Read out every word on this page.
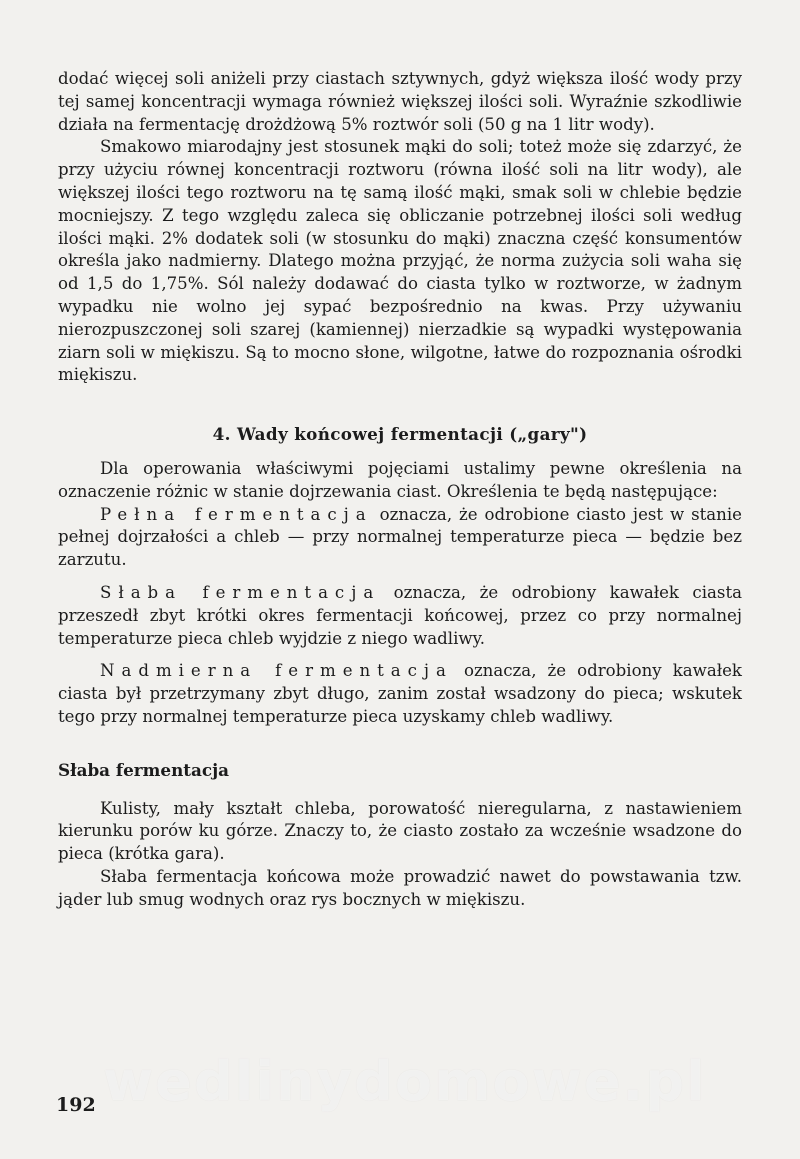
wedlinydomowe.pl

dodać więcej soli aniżeli przy ciastach sztywnych, gdyż większa ilość wody przy tej samej koncentracji wymaga również większej ilości soli. Wyraźnie szkodliwie działa na fermentację drożdżową 5% roztwór soli (50 g na 1 litr wody).

Smakowo miarodajny jest stosunek mąki do soli; toteż może się zdarzyć, że przy użyciu równej koncentracji roztworu (równa ilość soli na litr wody), ale większej ilości tego roztworu na tę samą ilość mąki, smak soli w chlebie będzie mocniejszy. Z tego względu zaleca się obliczanie potrzebnej ilości soli według ilości mąki. 2% dodatek soli (w stosunku do mąki) znaczna część konsumentów określa jako nadmierny. Dlatego można przyjąć, że norma zużycia soli waha się od 1,5 do 1,75%. Sól należy dodawać do ciasta tylko w roztworze, w żadnym wypadku nie wolno jej sypać bezpośrednio na kwas. Przy używaniu nierozpuszczonej soli szarej (kamiennej) nierzadkie są wypadki występowania ziarn soli w miękiszu. Są to mocno słone, wilgotne, łatwe do rozpoznania ośrodki miękiszu.

4. Wady końcowej fermentacji („gary")

Dla operowania właściwymi pojęciami ustalimy pewne określenia na oznaczenie różnic w stanie dojrzewania ciast. Określenia te będą następujące:

Pełna fermentacja oznacza, że odrobione ciasto jest w stanie pełnej dojrzałości a chleb — przy normalnej temperaturze pieca — będzie bez zarzutu.

Słaba fermentacja oznacza, że odrobiony kawałek ciasta przeszedł zbyt krótki okres fermentacji końcowej, przez co przy normalnej temperaturze pieca chleb wyjdzie z niego wadliwy.

Nadmierna fermentacja oznacza, że odrobiony kawałek ciasta był przetrzymany zbyt długo, zanim został wsadzony do pieca; wskutek tego przy normalnej temperaturze pieca uzyskamy chleb wadliwy.

Słaba fermentacja

Kulisty, mały kształt chleba, porowatość nieregularna, z nastawieniem kierunku porów ku górze. Znaczy to, że ciasto zostało za wcześnie wsadzone do pieca (krótka gara).

Słaba fermentacja końcowa może prowadzić nawet do powstawania tzw. jąder lub smug wodnych oraz rys bocznych w miękiszu.

192
